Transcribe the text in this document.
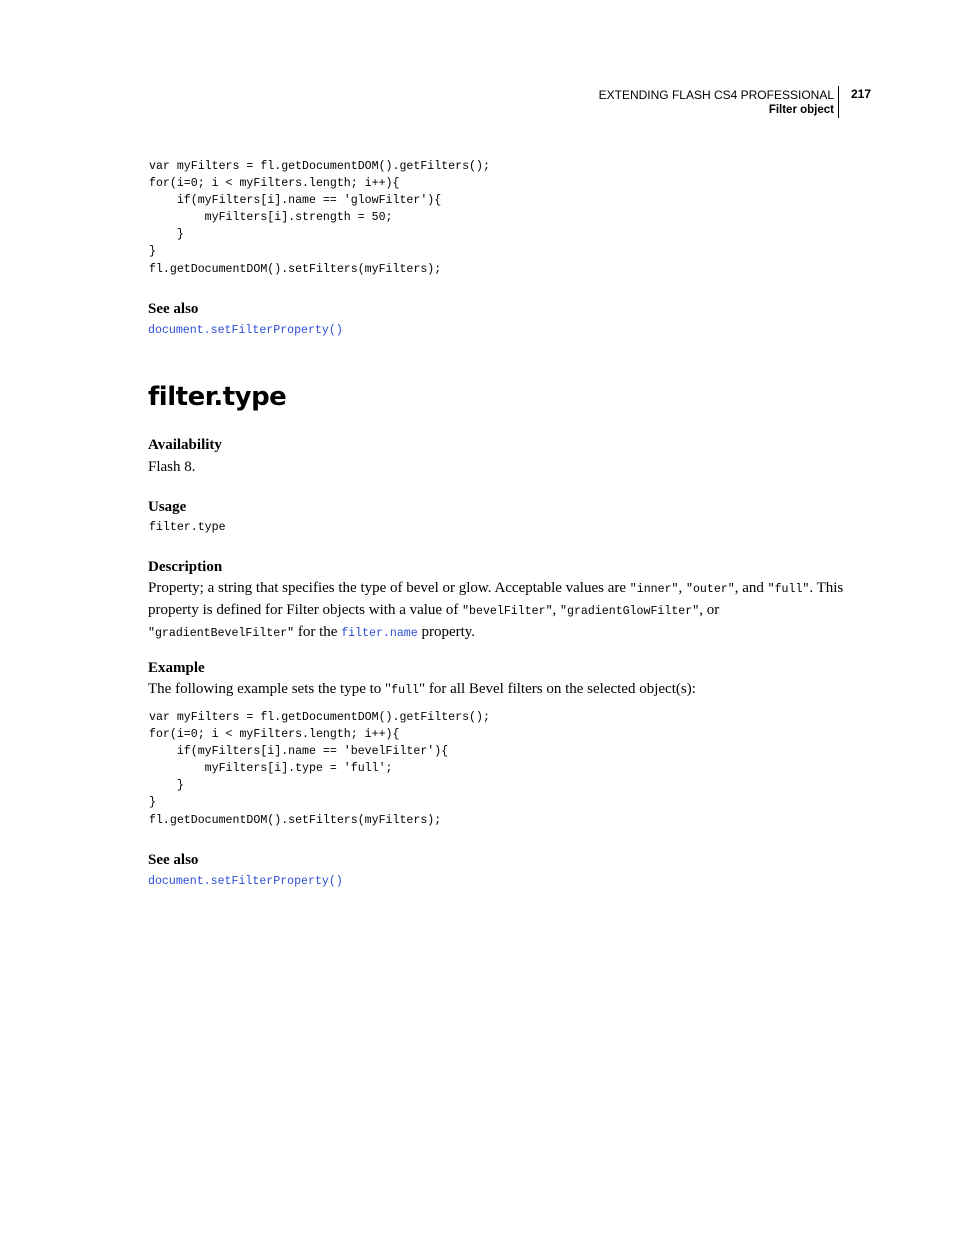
EXTENDING FLASH CS4 PROFESSIONAL
Filter object
217
var myFilters = fl.getDocumentDOM().getFilters();
for(i=0; i < myFilters.length; i++){
if(myFilters[i].name == 'glowFilter'){
myFilters[i].strength = 50;
}
}
fl.getDocumentDOM().setFilters(myFilters);
See also
document.setFilterProperty()
filter.type
Availability
Flash 8.
Usage
filter.type
Description
Property; a string that specifies the type of bevel or glow. Acceptable values are "inner", "outer", and "full". This property is defined for Filter objects with a value of "bevelFilter", "gradientGlowFilter", or "gradientBevelFilter" for the filter.name property.
Example
The following example sets the type to "full" for all Bevel filters on the selected object(s):
var myFilters = fl.getDocumentDOM().getFilters();
for(i=0; i < myFilters.length; i++){
if(myFilters[i].name == 'bevelFilter'){
myFilters[i].type = 'full';
}
}
fl.getDocumentDOM().setFilters(myFilters);
See also
document.setFilterProperty()
